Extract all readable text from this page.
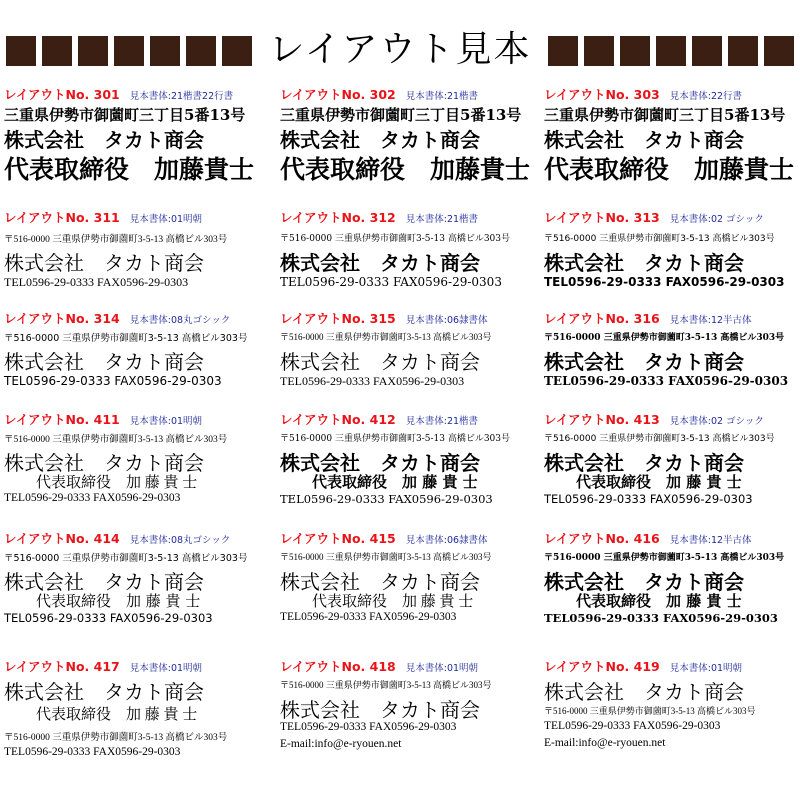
レイアウト見本
レイアウトNo. 301 見本書体:21楷書22行書
三重県伊勢市御薗町三丁目5番13号
株式会社　タカト商会
代表取締役　加藤貴士
レイアウトNo. 302 見本書体:21楷書
三重県伊勢市御薗町三丁目5番13号
株式会社　タカト商会
代表取締役　加藤貴士
レイアウトNo. 303 見本書体:22行書
三重県伊勢市御薗町三丁目5番13号
株式会社　タカト商会
代表取締役　加藤貴士
レイアウトNo. 311 見本書体:01明朝
〒516-0000 三重県伊勢市御薗町3-5-13 高橋ビル303号
株式会社　タカト商会
TEL0596-29-0333 FAX0596-29-0303
レイアウトNo. 312 見本書体:21楷書
〒516-0000 三重県伊勢市御薗町3-5-13 高橋ビル303号
株式会社　タカト商会
TEL0596-29-0333 FAX0596-29-0303
レイアウトNo. 313 見本書体:02 ゴシック
〒516-0000 三重県伊勢市御薗町3-5-13 高橋ビル303号
株式会社　タカト商会
TEL0596-29-0333 FAX0596-29-0303
レイアウトNo. 314 見本書体:08丸ゴシック
〒516-0000 三重県伊勢市御薗町3-5-13 高橋ビル303号
株式会社　タカト商会
TEL0596-29-0333 FAX0596-29-0303
レイアウトNo. 315 見本書体:06隷書体
〒516-0000 三重県伊勢市御薗町3-5-13 高橋ビル303号
株式会社　タカト商会
TEL0596-29-0333 FAX0596-29-0303
レイアウトNo. 316 見本書体:12半古体
〒516-0000 三重県伊勢市御薗町3-5-13 高橋ビル303号
株式会社　タカト商会
TEL0596-29-0333 FAX0596-29-0303
レイアウトNo. 411 見本書体:01明朝
〒516-0000 三重県伊勢市御薗町3-5-13 高橋ビル303号
株式会社　タカト商会
代表取締役　加 藤 貴 士
TEL0596-29-0333 FAX0596-29-0303
レイアウトNo. 412 見本書体:21楷書
〒516-0000 三重県伊勢市御薗町3-5-13 高橋ビル303号
株式会社　タカト商会
代表取締役　加 藤 貴 士
TEL0596-29-0333 FAX0596-29-0303
レイアウトNo. 413 見本書体:02 ゴシック
〒516-0000 三重県伊勢市御薗町3-5-13 高橋ビル303号
株式会社　タカト商会
代表取締役　加 藤 貴 士
TEL0596-29-0333 FAX0596-29-0303
レイアウトNo. 414 見本書体:08丸ゴシック
〒516-0000 三重県伊勢市御薗町3-5-13 高橋ビル303号
株式会社　タカト商会
代表取締役　加 藤 貴 士
TEL0596-29-0333 FAX0596-29-0303
レイアウトNo. 415 見本書体:06隷書体
〒516-0000 三重県伊勢市御薗町3-5-13 高橋ビル303号
株式会社　タカト商会
代表取締役　加 藤 貴 士
TEL0596-29-0333 FAX0596-29-0303
レイアウトNo. 416 見本書体:12半古体
〒516-0000 三重県伊勢市御薗町3-5-13 高橋ビル303号
株式会社　タカト商会
代表取締役　加 藤 貴 士
TEL0596-29-0333 FAX0596-29-0303
レイアウトNo. 417 見本書体:01明朝
株式会社　タカト商会
代表取締役　加 藤 貴 士
〒516-0000 三重県伊勢市御薗町3-5-13 高橋ビル303号
TEL0596-29-0333 FAX0596-29-0303
レイアウトNo. 418 見本書体:01明朝
〒516-0000 三重県伊勢市御薗町3-5-13 高橋ビル303号
株式会社　タカト商会
TEL0596-29-0333 FAX0596-29-0303
E-mail:info@e-ryouen.net
レイアウトNo. 419 見本書体:01明朝
株式会社　タカト商会
〒516-0000 三重県伊勢市御薗町3-5-13 高橋ビル303号
TEL0596-29-0333 FAX0596-29-0303
E-mail:info@e-ryouen.net
